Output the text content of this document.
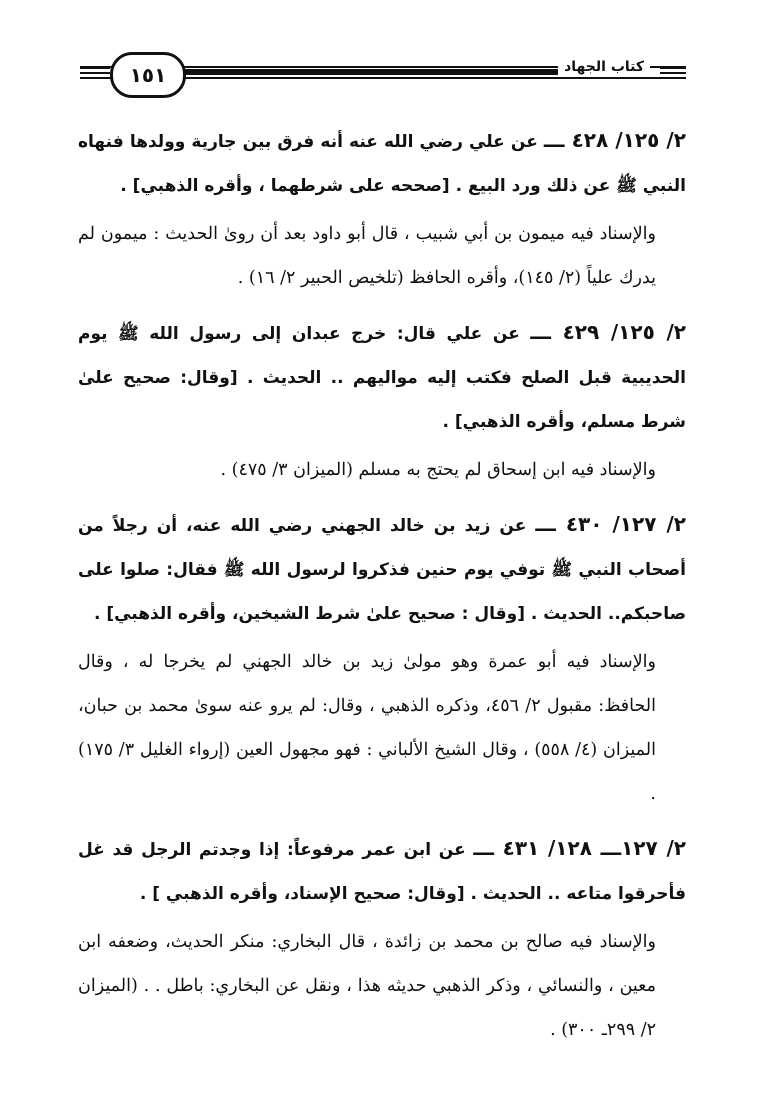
١٥١	كتاب الجهاد

٢/ ١٢٥/ ٤٢٨ ـــ عن علي رضي الله عنه أنه فرق بين جارية وولدها فنهاه النبي ﷺ عن ذلك ورد البيع . [صححه على شرطهما ، وأقره الذهبي] .

والإسناد فيه ميمون بن أبي شبيب ، قال أبو داود بعد أن روىٰ الحديث : ميمون لم يدرك علياً (٢/ ١٤٥)، وأقره الحافظ (تلخيص الحبير ٢/ ١٦) .

٢/ ١٢٥/ ٤٢٩ ـــ عن علي قال: خرج عبدان إلى رسول الله ﷺ يوم الحديبية قبل الصلح فكتب إليه مواليهم .. الحديث . [وقال: صحيح علىٰ شرط مسلم، وأقره الذهبي] .

والإسناد فيه ابن إسحاق لم يحتج به مسلم (الميزان ٣/ ٤٧٥) .

٢/ ١٢٧/ ٤٣٠ ـــ عن زيد بن خالد الجهني رضي الله عنه، أن رجلاً من أصحاب النبي ﷺ توفي يوم حنين فذكروا لرسول الله ﷺ فقال: صلوا على صاحبكم.. الحديث . [وقال : صحيح علىٰ شرط الشيخين، وأقره الذهبي] .

والإسناد فيه أبو عمرة وهو مولىٰ زيد بن خالد الجهني لم يخرجا له ، وقال الحافظ: مقبول ٢/ ٤٥٦، وذكره الذهبي ، وقال: لم يرو عنه سوىٰ محمد بن حبان، الميزان (٤/ ٥٥٨) ، وقال الشيخ الألباني : فهو مجهول العين (إرواء الغليل ٣/ ١٧٥) .

٢/ ١٢٧ـــ ١٢٨/ ٤٣١ ـــ عن ابن عمر مرفوعاً: إذا وجدتم الرجل قد غل فأحرقوا متاعه .. الحديث . [وقال: صحيح الإسناد، وأقره الذهبي ] .

والإسناد فيه صالح بن محمد بن زائدة ، قال البخاري: منكر الحديث، وضعفه ابن معين ، والنسائي ، وذكر الذهبي حديثه هذا ، ونقل عن البخاري: باطل . . (الميزان ٢/ ٢٩٩ـ ٣٠٠) .
